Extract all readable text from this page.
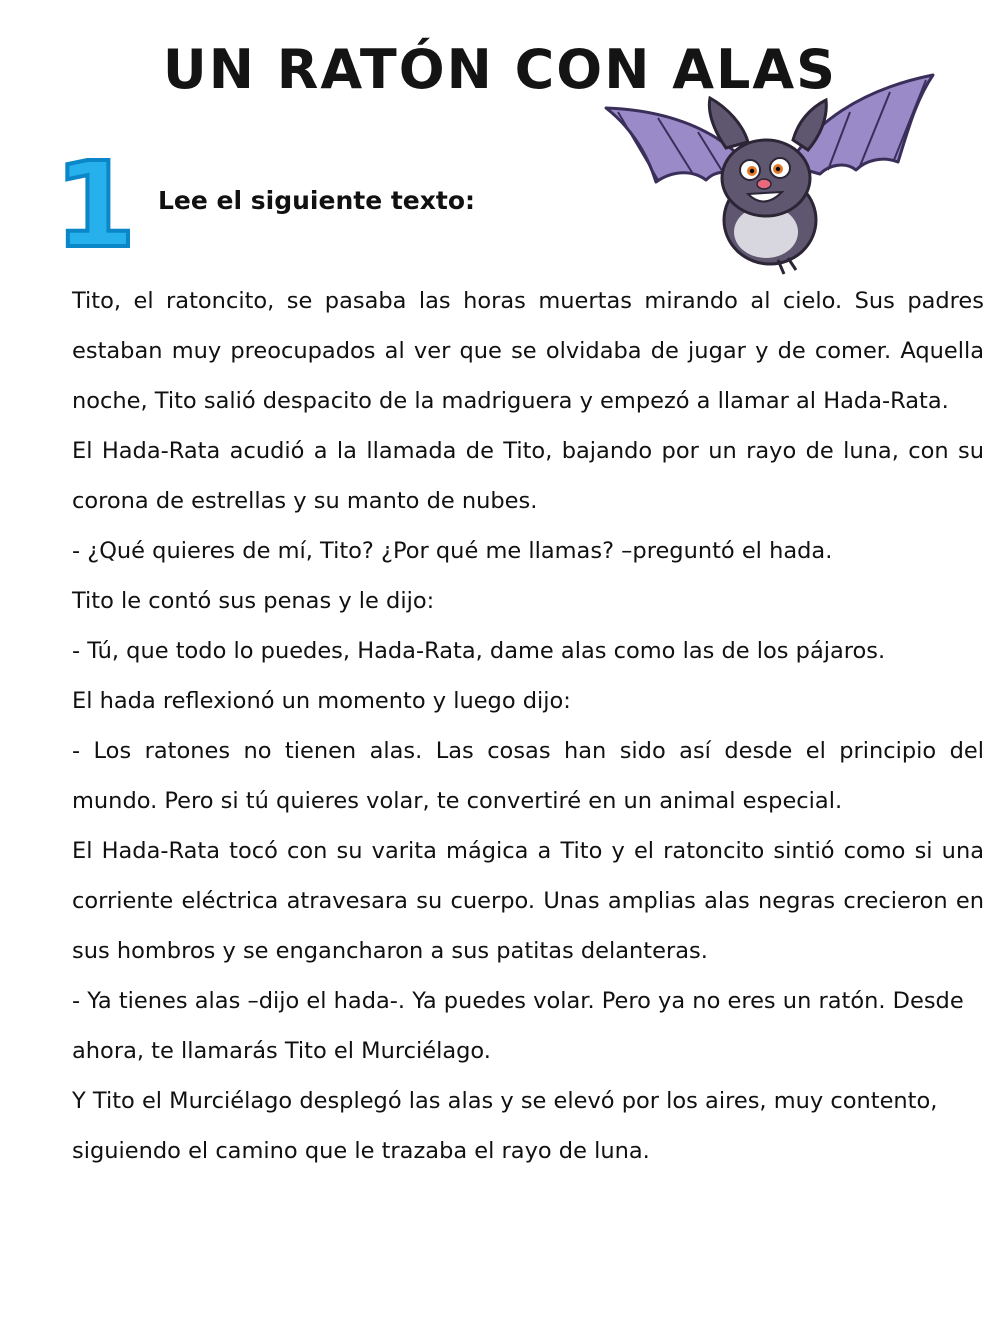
UN RATÓN CON ALAS
1 Lee el siguiente texto:

Tito, el ratoncito, se pasaba las horas muertas mirando al cielo. Sus padres estaban muy preocupados al ver que se olvidaba de jugar y de comer. Aquella noche, Tito salió despacito de la madriguera y empezó a llamar al Hada-Rata.

El Hada-Rata acudió a la llamada de Tito, bajando por un rayo de luna, con su corona de estrellas y su manto de nubes.

- ¿Qué quieres de mí, Tito? ¿Por qué me llamas? –preguntó el hada.

Tito le contó sus penas y le dijo:

- Tú, que todo lo puedes, Hada-Rata, dame alas como las de los pájaros.

El hada reflexionó un momento y luego dijo:

- Los ratones no tienen alas. Las cosas han sido así desde el principio del mundo. Pero si tú quieres volar, te convertiré en un animal especial.

El Hada-Rata tocó con su varita mágica a Tito y el ratoncito sintió como si una corriente eléctrica atravesara su cuerpo. Unas amplias alas negras crecieron en sus hombros y se engancharon a sus patitas delanteras.

- Ya tienes alas –dijo el hada-. Ya puedes volar. Pero ya no eres un ratón. Desde ahora, te llamarás Tito el Murciélago.

Y Tito el Murciélago desplegó las alas y se elevó por los aires, muy contento, siguiendo el camino que le trazaba el rayo de luna.
